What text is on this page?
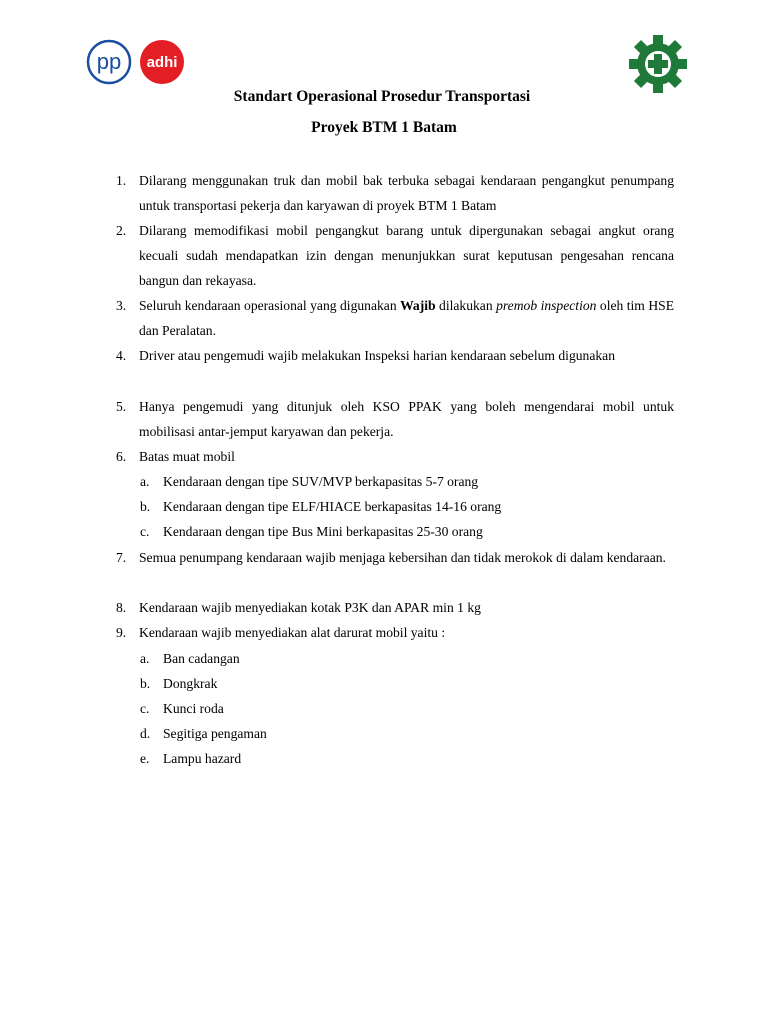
pp adhi
Standart Operasional Prosedur Transportasi
Proyek BTM 1 Batam
1. Dilarang menggunakan truk dan mobil bak terbuka sebagai kendaraan pengangkut penumpang untuk transportasi pekerja dan karyawan di proyek BTM 1 Batam
2. Dilarang memodifikasi mobil pengangkut barang untuk dipergunakan sebagai angkut orang kecuali sudah mendapatkan izin dengan menunjukkan surat keputusan pengesahan rencana bangun dan rekayasa.
3. Seluruh kendaraan operasional yang digunakan Wajib dilakukan premob inspection oleh tim HSE dan Peralatan.
4. Driver atau pengemudi wajib melakukan Inspeksi harian kendaraan sebelum digunakan
5. Hanya pengemudi yang ditunjuk oleh KSO PPAK yang boleh mengendarai mobil untuk mobilisasi antar-jemput karyawan dan pekerja.
6. Batas muat mobil
a. Kendaraan dengan tipe SUV/MVP berkapasitas 5-7 orang
b. Kendaraan dengan tipe ELF/HIACE berkapasitas 14-16 orang
c. Kendaraan dengan tipe Bus Mini berkapasitas 25-30 orang
7. Semua penumpang kendaraan wajib menjaga kebersihan dan tidak merokok di dalam kendaraan.
8. Kendaraan wajib menyediakan kotak P3K dan APAR min 1 kg
9. Kendaraan wajib menyediakan alat darurat mobil yaitu :
a. Ban cadangan
b. Dongkrak
c. Kunci roda
d. Segitiga pengaman
e. Lampu hazard
